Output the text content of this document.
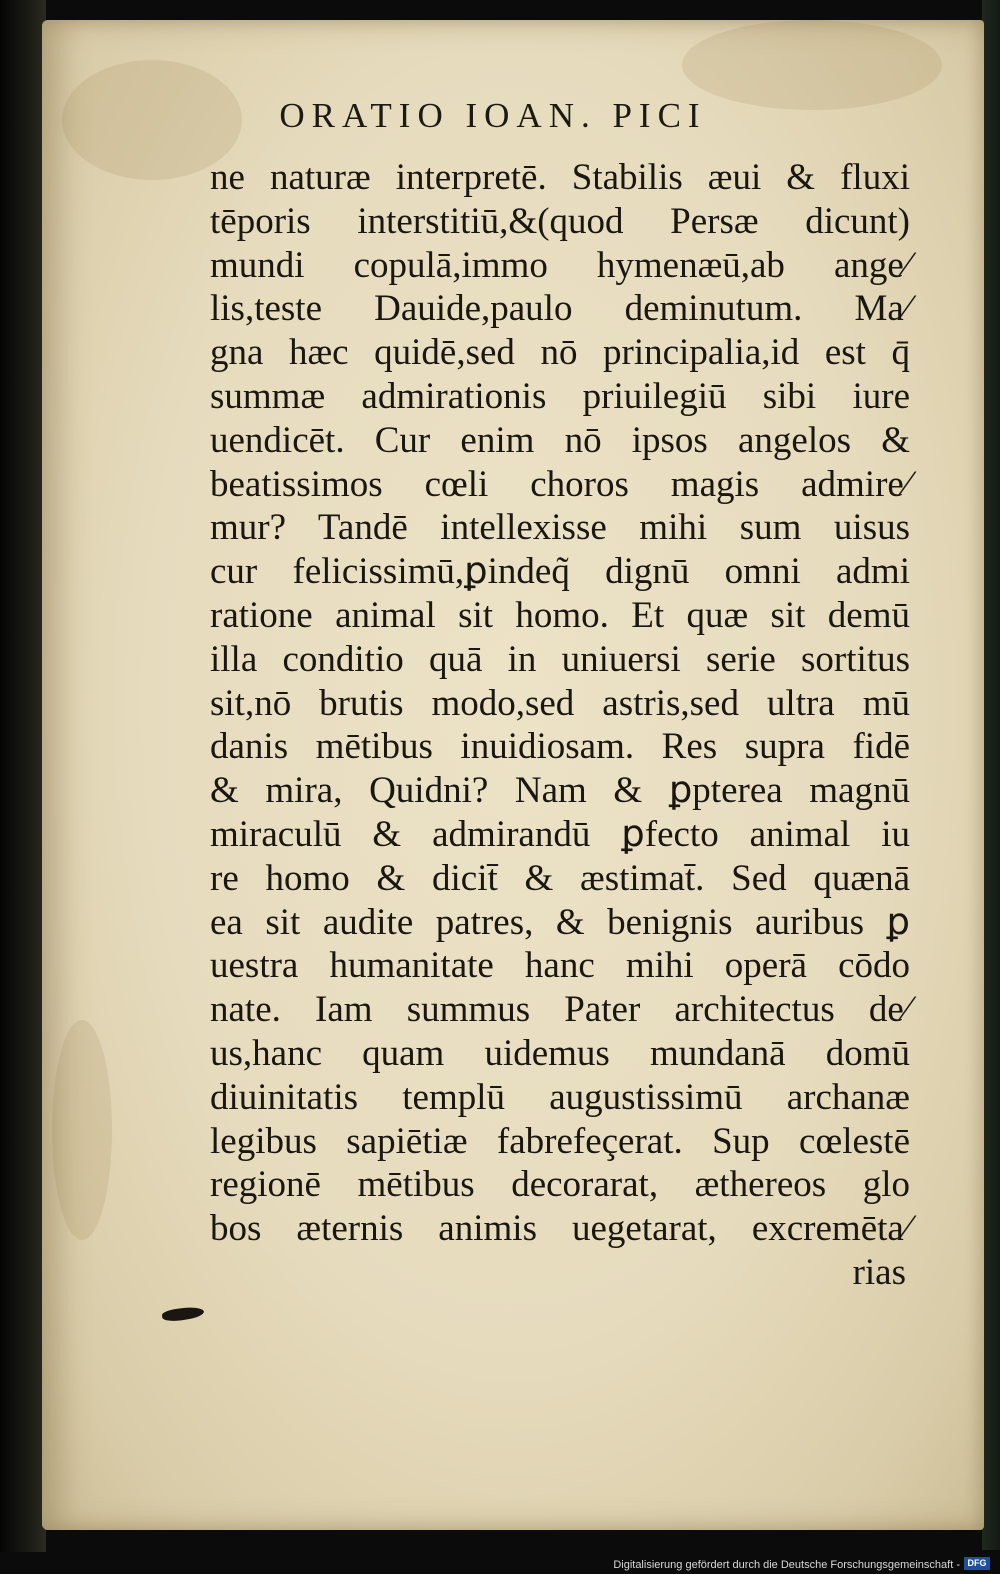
ORATIO IOAN. PICI
ne naturæ interpretē. Stabilis æui & fluxi
tēporis interstitiū,&(quod Persæ dicunt)
mundi copulā,immo hymenæū,ab ange⁄
lis,teste Dauide,paulo deminutum. Ma⁄
gna hæc quidē,sed nō principalia,id est q̄
summæ admirationis priuilegiū sibi iure
uendicēt. Cur enim nō ipsos angelos &
beatissimos cœli choros magis admire⁄
mur? Tandē intellexisse mihi sum uisus
cur felicissimū,ꝑindeq̃ dignū omni admi
ratione animal sit homo. Et quæ sit demū
illa conditio quā in uniuersi serie sortitus
sit,nō brutis modo,sed astris,sed ultra mū
danis mētibus inuidiosam. Res supra fidē
& mira, Quidni? Nam & ꝑpterea magnū
miraculū & admirandū ꝑfecto animal iu
re homo & dicit̄ & æstimat̄. Sed quænā
ea sit audite patres, & benignis auribus ꝑ
uestra humanitate hanc mihi operā cōdo
nate. Iam summus Pater architectus de⁄
us,hanc quam uidemus mundanā domū
diuinitatis templū augustissimū archanæ
legibus sapiētiæ fabrefeçerat. Sup cœlestē
regionē mētibus decorarat, æthereos glo
bos æternis animis uegetarat, excremēta⁄
rias
Digitalisierung gefördert durch die Deutsche Forschungsgemeinschaft - DFG
